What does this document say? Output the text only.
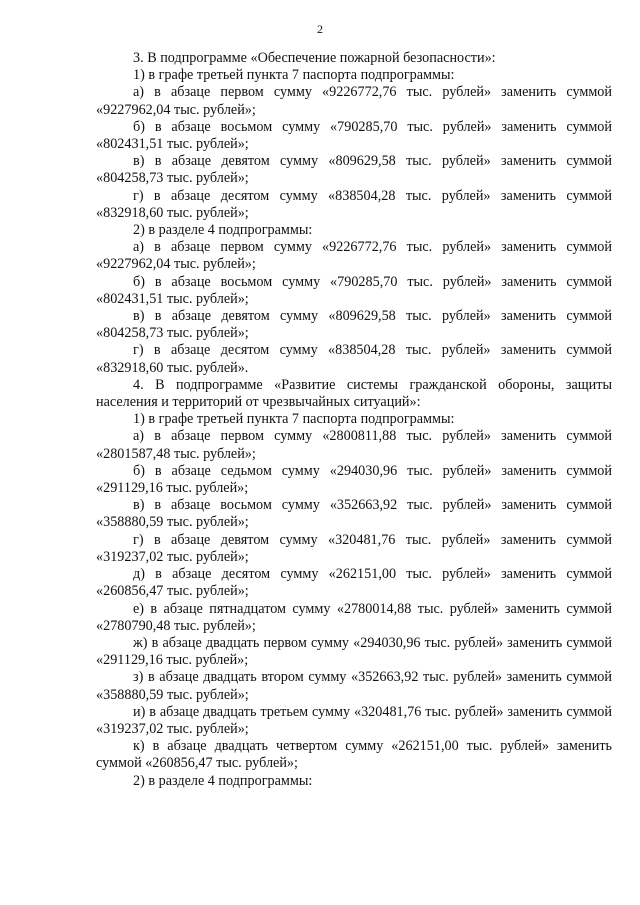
2

3. В подпрограмме «Обеспечение пожарной безопасности»:

1) в графе третьей пункта 7 паспорта подпрограммы:

а) в абзаце первом сумму «9226772,76 тыс. рублей» заменить суммой «9227962,04 тыс. рублей»;

б) в абзаце восьмом сумму «790285,70 тыс. рублей» заменить суммой «802431,51 тыс. рублей»;

в) в абзаце девятом сумму «809629,58 тыс. рублей» заменить суммой «804258,73 тыс. рублей»;

г) в абзаце десятом сумму «838504,28 тыс. рублей» заменить суммой «832918,60 тыс. рублей»;

2) в разделе 4 подпрограммы:

а) в абзаце первом сумму «9226772,76 тыс. рублей» заменить суммой «9227962,04 тыс. рублей»;

б) в абзаце восьмом сумму «790285,70 тыс. рублей» заменить суммой «802431,51 тыс. рублей»;

в) в абзаце девятом сумму «809629,58 тыс. рублей» заменить суммой «804258,73 тыс. рублей»;

г) в абзаце десятом сумму «838504,28 тыс. рублей» заменить суммой «832918,60 тыс. рублей».

4. В подпрограмме «Развитие системы гражданской обороны, защиты населения и территорий от чрезвычайных ситуаций»:

1) в графе третьей пункта 7 паспорта подпрограммы:

а) в абзаце первом сумму «2800811,88 тыс. рублей» заменить суммой «2801587,48 тыс. рублей»;

б) в абзаце седьмом сумму «294030,96 тыс. рублей» заменить суммой «291129,16 тыс. рублей»;

в) в абзаце восьмом сумму «352663,92 тыс. рублей» заменить суммой «358880,59 тыс. рублей»;

г) в абзаце девятом сумму «320481,76 тыс. рублей» заменить суммой «319237,02 тыс. рублей»;

д) в абзаце десятом сумму «262151,00 тыс. рублей» заменить суммой «260856,47 тыс. рублей»;

е) в абзаце пятнадцатом сумму «2780014,88 тыс. рублей» заменить суммой «2780790,48 тыс. рублей»;

ж) в абзаце двадцать первом сумму «294030,96 тыс. рублей» заменить суммой «291129,16 тыс. рублей»;

з) в абзаце двадцать втором сумму «352663,92 тыс. рублей» заменить суммой «358880,59 тыс. рублей»;

и) в абзаце двадцать третьем сумму «320481,76 тыс. рублей» заменить суммой «319237,02 тыс. рублей»;

к) в абзаце двадцать четвертом сумму «262151,00 тыс. рублей» заменить суммой «260856,47 тыс. рублей»;

2) в разделе 4 подпрограммы:
